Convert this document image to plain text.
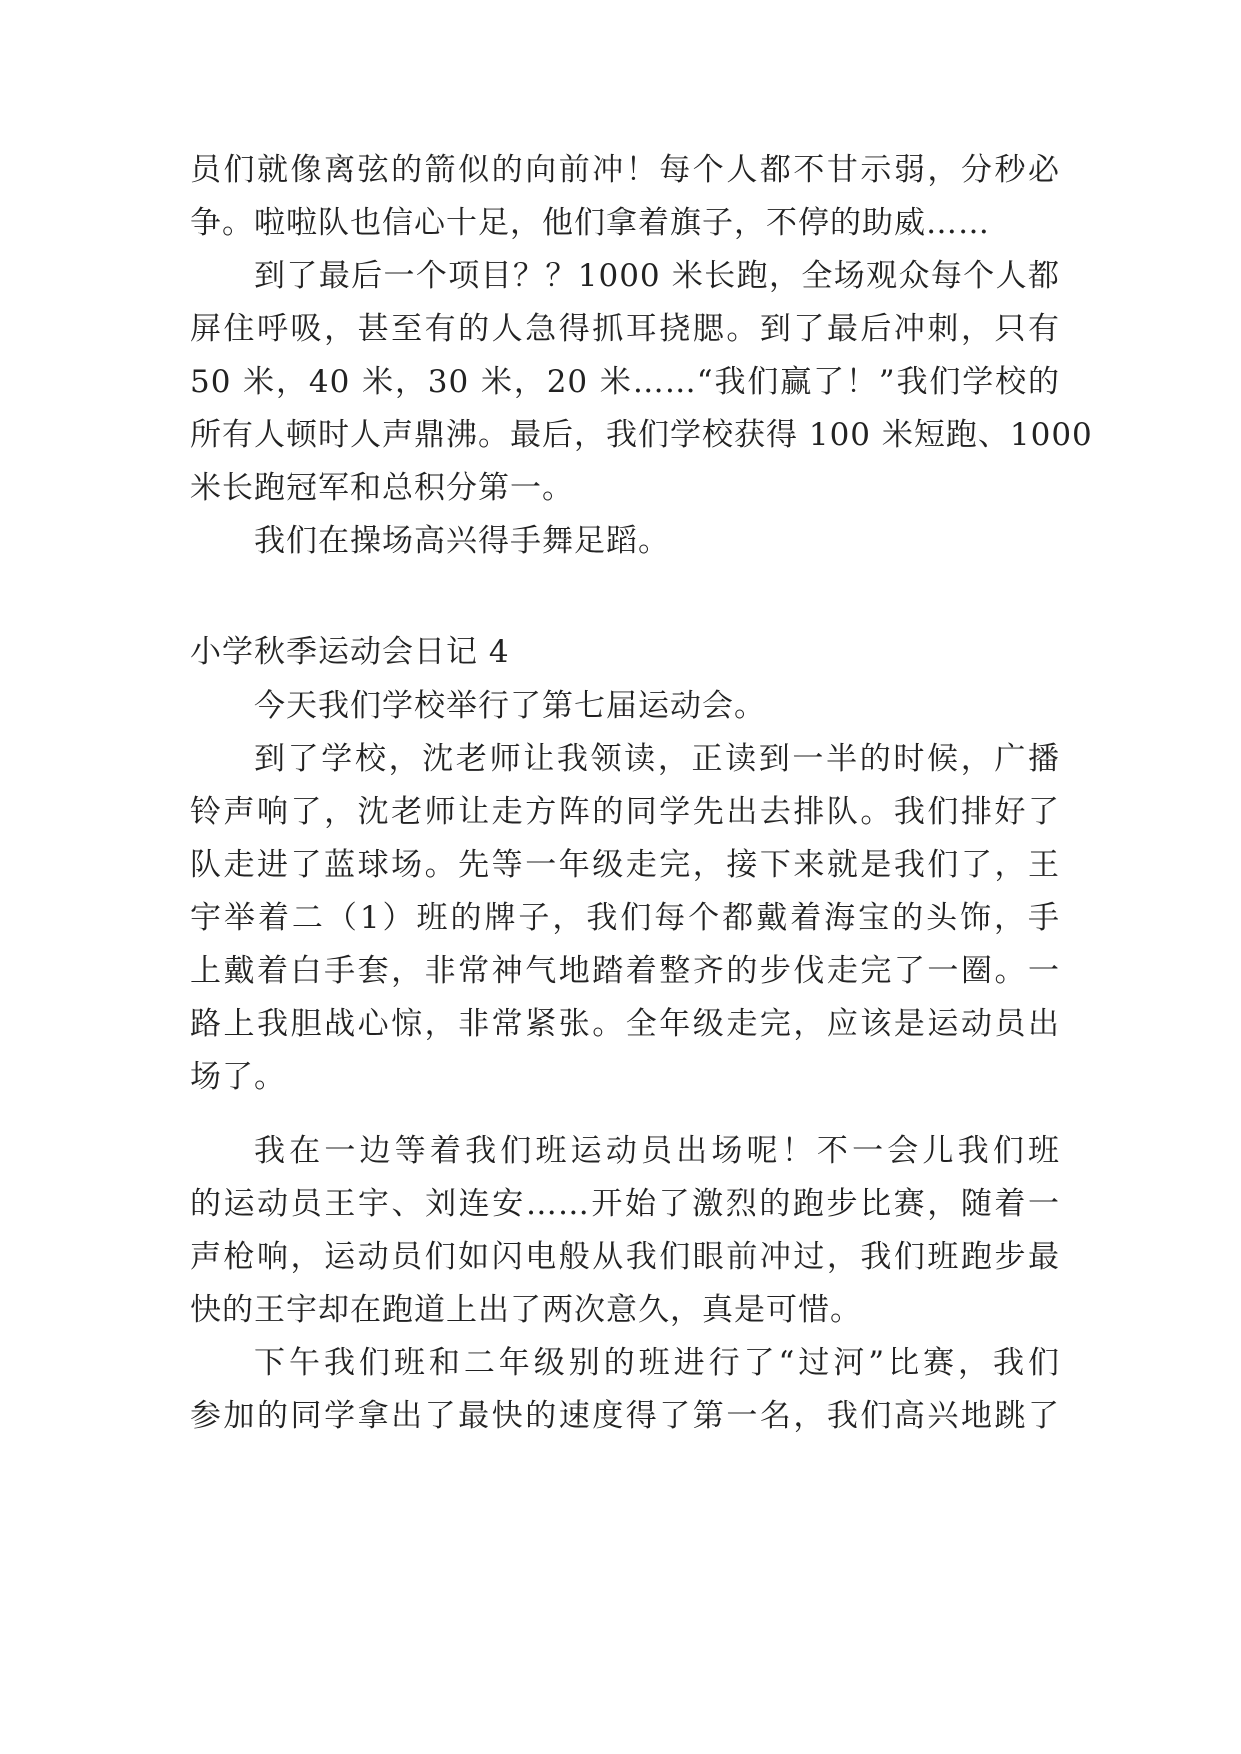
员们就像离弦的箭似的向前冲！每个人都不甘示弱，分秒必
争。啦啦队也信心十足，他们拿着旗子，不停的助威……
到了最后一个项目？？1000 米长跑，全场观众每个人都
屏住呼吸，甚至有的人急得抓耳挠腮。到了最后冲刺，只有
50 米，40 米，30 米，20 米……“我们赢了！”我们学校的
所有人顿时人声鼎沸。最后，我们学校获得 100 米短跑、1000
米长跑冠军和总积分第一。
我们在操场高兴得手舞足蹈。
小学秋季运动会日记 4
今天我们学校举行了第七届运动会。
到了学校，沈老师让我领读，正读到一半的时候，广播
铃声响了，沈老师让走方阵的同学先出去排队。我们排好了
队走进了蓝球场。先等一年级走完，接下来就是我们了，王
宇举着二（1）班的牌子，我们每个都戴着海宝的头饰，手
上戴着白手套，非常神气地踏着整齐的步伐走完了一圈。一
路上我胆战心惊，非常紧张。全年级走完，应该是运动员出
场了。
我在一边等着我们班运动员出场呢！不一会儿我们班
的运动员王宇、刘连安……开始了激烈的跑步比赛，随着一
声枪响，运动员们如闪电般从我们眼前冲过，我们班跑步最
快的王宇却在跑道上出了两次意久，真是可惜。
下午我们班和二年级别的班进行了“过河”比赛，我们
参加的同学拿出了最快的速度得了第一名，我们高兴地跳了
